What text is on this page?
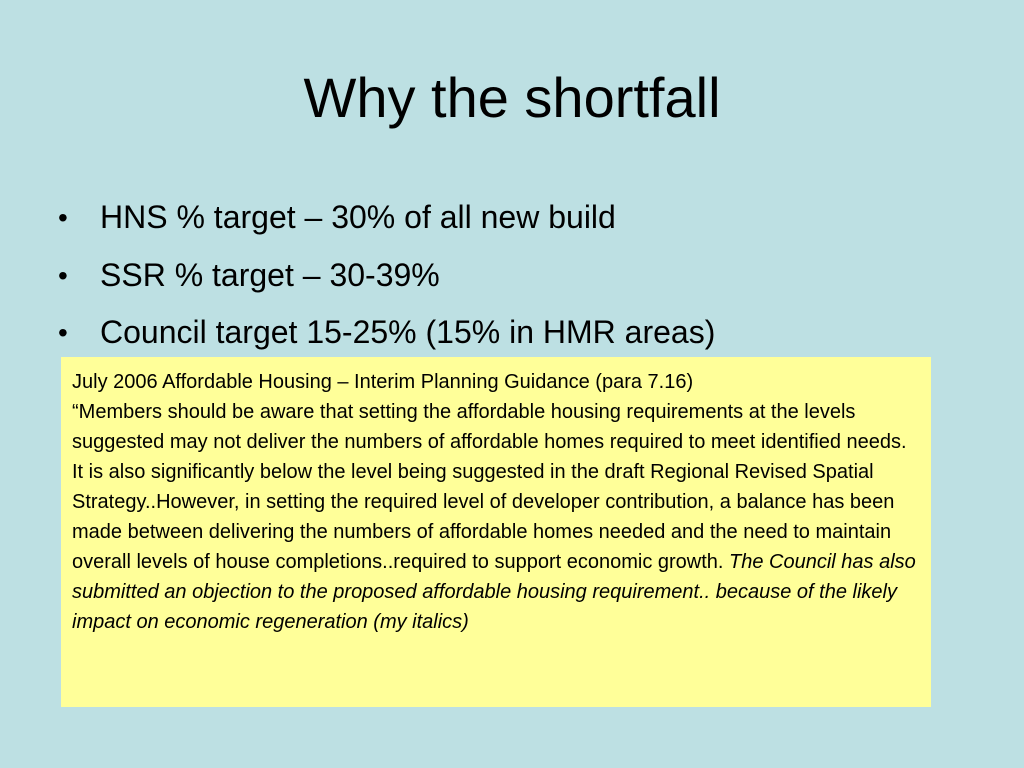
Why the shortfall
•	HNS % target – 30% of all new build
•	SSR % target – 30-39%
•	Council target 15-25% (15% in HMR areas)

July 2006 Affordable Housing – Interim Planning Guidance (para 7.16)

“Members should be aware that setting the affordable housing requirements at the levels suggested may not deliver the numbers of affordable homes required to meet identified needs. It is also significantly below the level being suggested in the draft Regional Revised Spatial Strategy..However, in setting the required level of developer contribution, a balance has been made between delivering the numbers of affordable homes needed and the need to maintain overall levels of house completions..required to support economic growth. The Council has also submitted an objection to the proposed affordable housing requirement.. because of the likely impact on economic regeneration (my italics)
